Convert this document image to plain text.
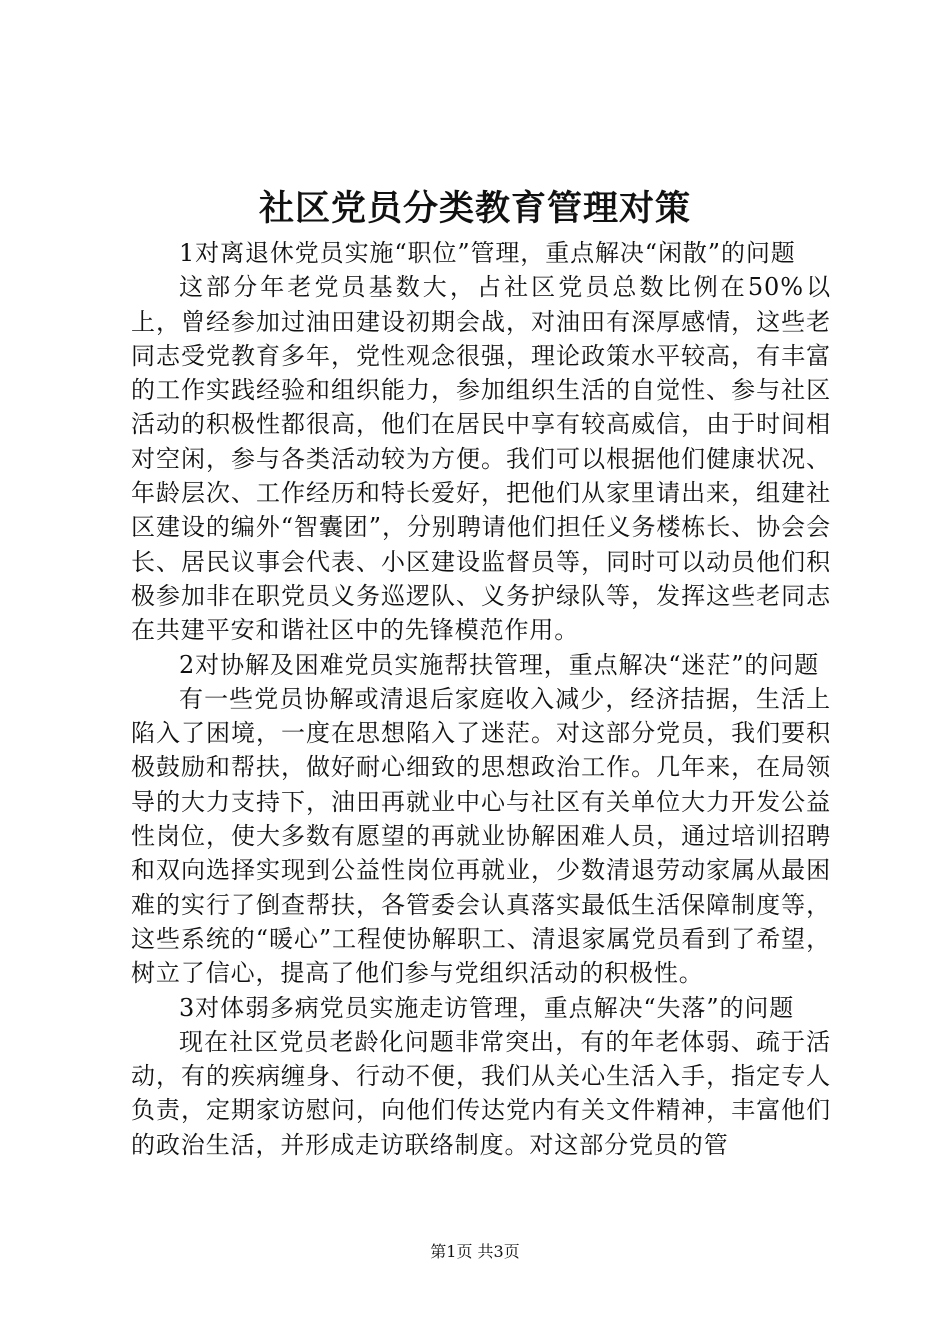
社区党员分类教育管理对策

1对离退休党员实施“职位”管理，重点解决“闲散”的问题

这部分年老党员基数大，占社区党员总数比例在50%以上，曾经参加过油田建设初期会战，对油田有深厚感情，这些老同志受党教育多年，党性观念很强，理论政策水平较高，有丰富的工作实践经验和组织能力，参加组织生活的自觉性、参与社区活动的积极性都很高，他们在居民中享有较高威信，由于时间相对空闲，参与各类活动较为方便。我们可以根据他们健康状况、年龄层次、工作经历和特长爱好，把他们从家里请出来，组建社区建设的编外“智囊团”，分别聘请他们担任义务楼栋长、协会会长、居民议事会代表、小区建设监督员等，同时可以动员他们积极参加非在职党员义务巡逻队、义务护绿队等，发挥这些老同志在共建平安和谐社区中的先锋模范作用。

2对协解及困难党员实施帮扶管理，重点解决“迷茫”的问题

有一些党员协解或清退后家庭收入减少，经济拮据，生活上陷入了困境，一度在思想陷入了迷茫。对这部分党员，我们要积极鼓励和帮扶，做好耐心细致的思想政治工作。几年来，在局领导的大力支持下，油田再就业中心与社区有关单位大力开发公益性岗位，使大多数有愿望的再就业协解困难人员，通过培训招聘和双向选择实现到公益性岗位再就业，少数清退劳动家属从最困难的实行了倒查帮扶，各管委会认真落实最低生活保障制度等，这些系统的“暖心”工程使协解职工、清退家属党员看到了希望，树立了信心，提高了他们参与党组织活动的积极性。

3对体弱多病党员实施走访管理，重点解决“失落”的问题

现在社区党员老龄化问题非常突出，有的年老体弱、疏于活动，有的疾病缠身、行动不便，我们从关心生活入手，指定专人负责，定期家访慰问，向他们传达党内有关文件精神，丰富他们的政治生活，并形成走访联络制度。对这部分党员的管

第1页 共3页
